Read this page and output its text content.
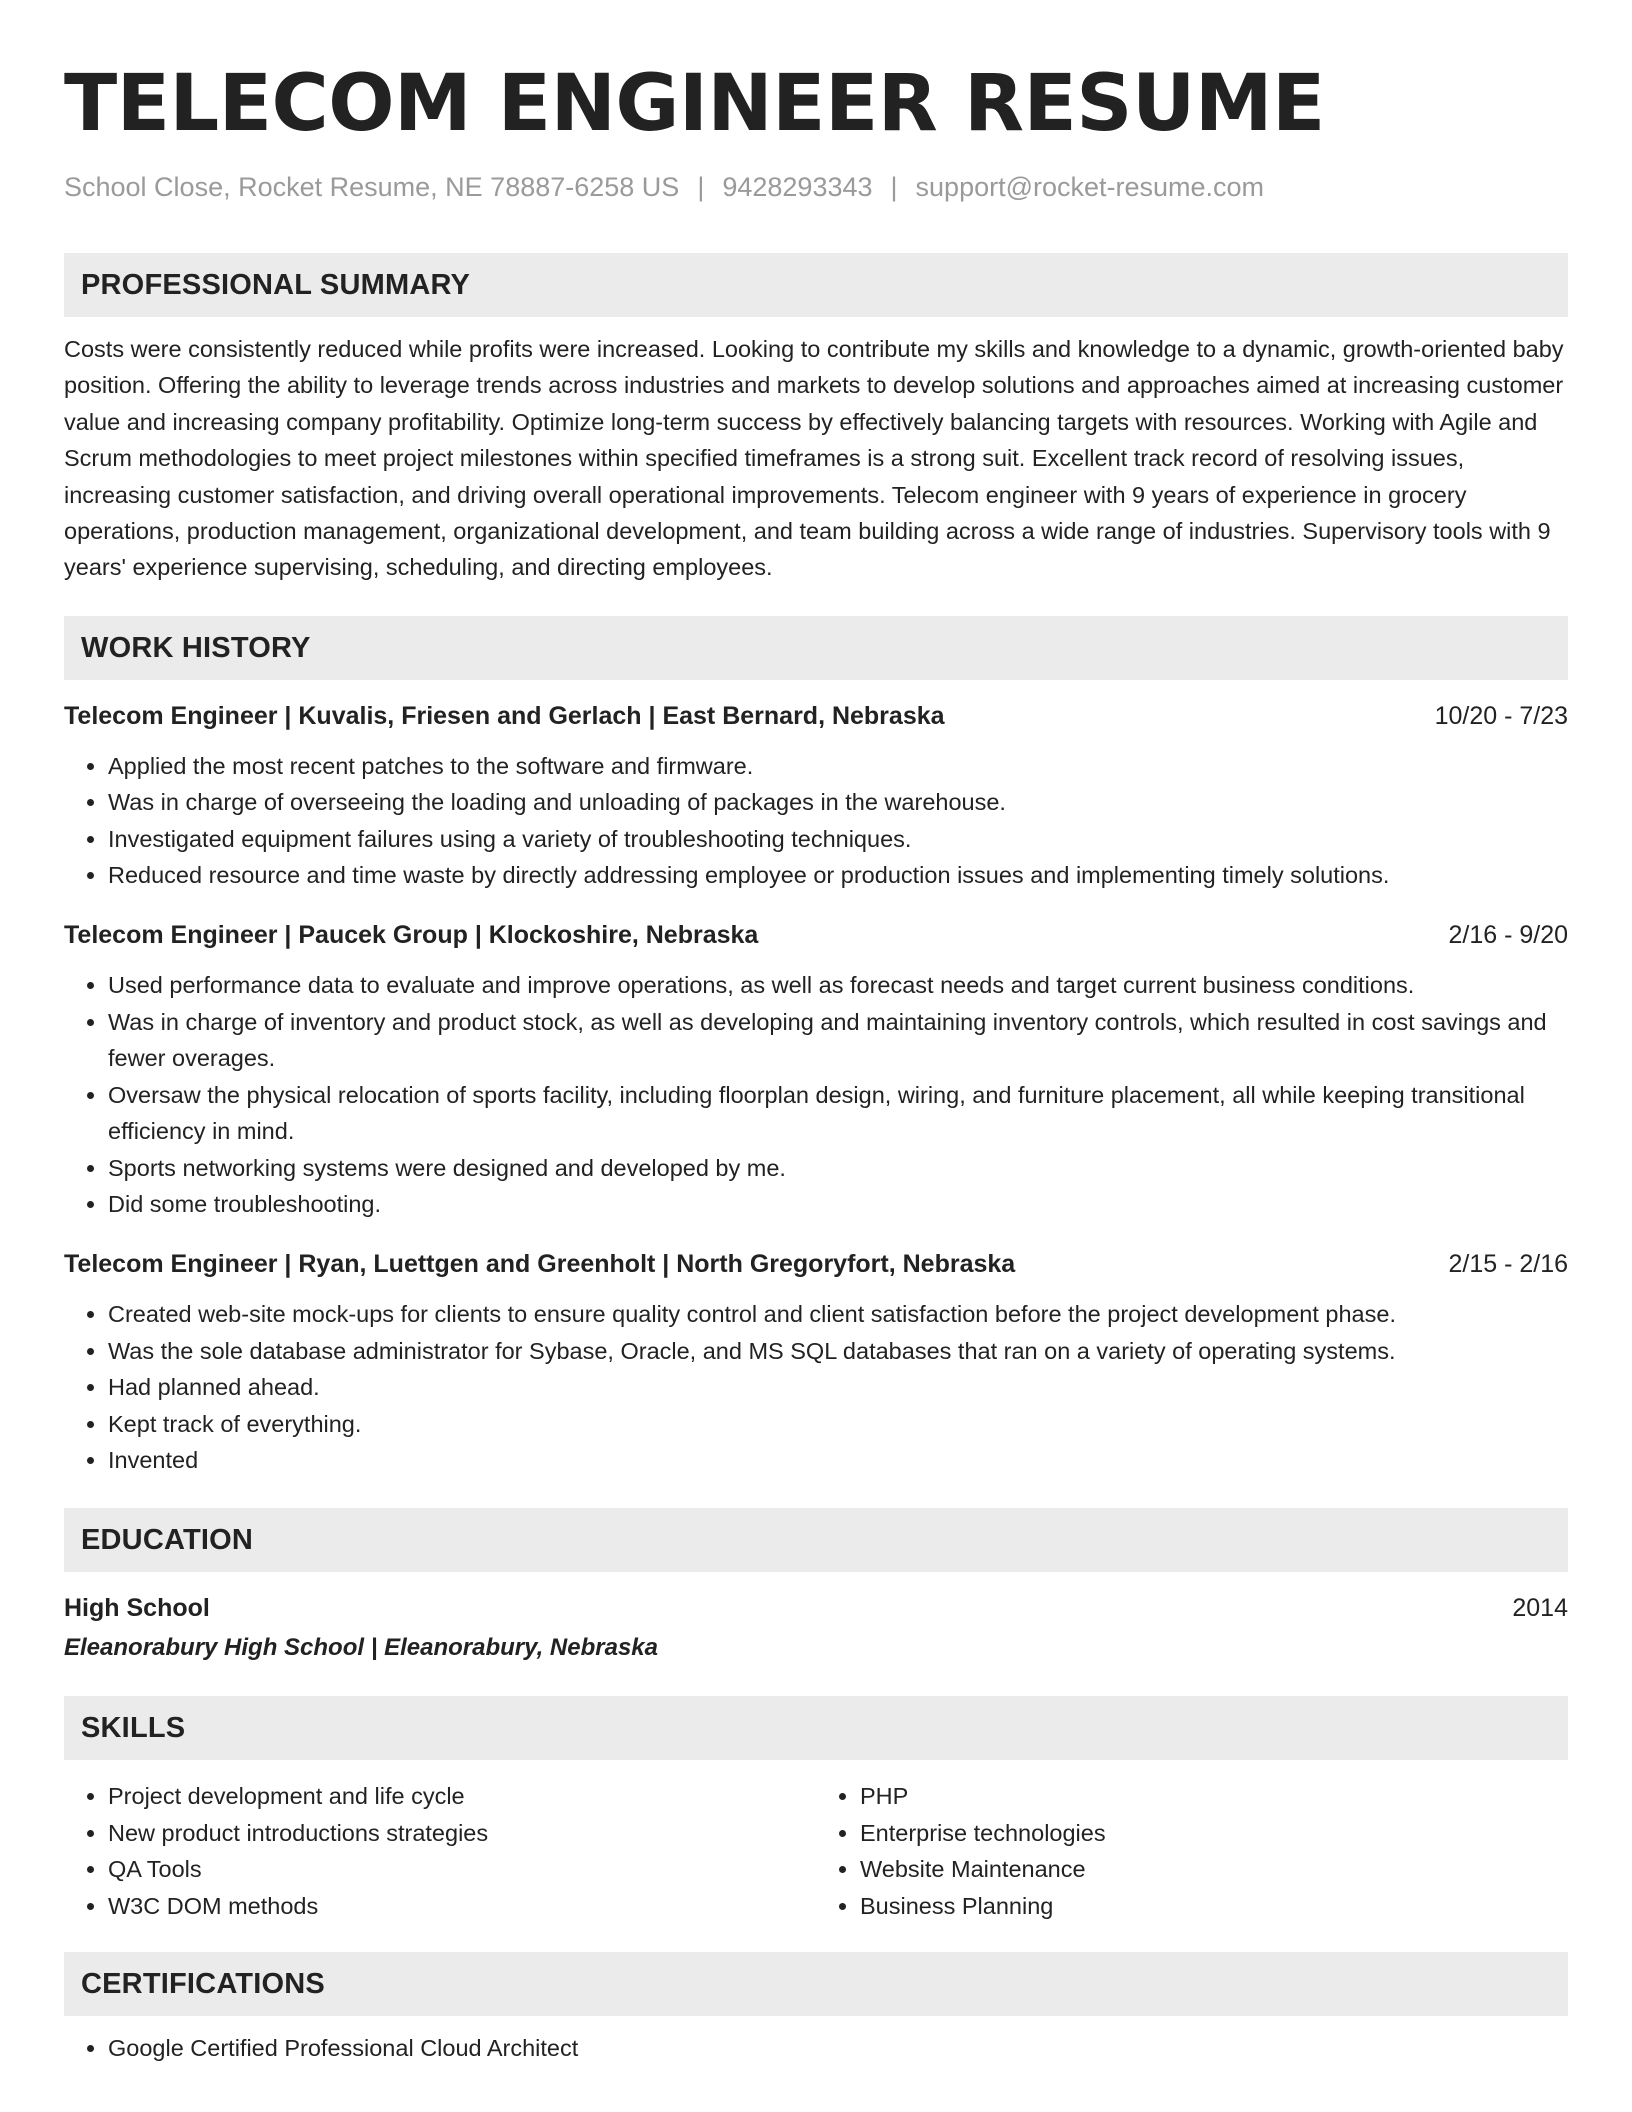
TELECOM ENGINEER RESUME
School Close, Rocket Resume, NE 78887-6258 US | 9428293343 | support@rocket-resume.com
PROFESSIONAL SUMMARY

Costs were consistently reduced while profits were increased. Looking to contribute my skills and knowledge to a dynamic, growth-oriented baby position. Offering the ability to leverage trends across industries and markets to develop solutions and approaches aimed at increasing customer value and increasing company profitability. Optimize long-term success by effectively balancing targets with resources. Working with Agile and Scrum methodologies to meet project milestones within specified timeframes is a strong suit. Excellent track record of resolving issues, increasing customer satisfaction, and driving overall operational improvements. Telecom engineer with 9 years of experience in grocery operations, production management, organizational development, and team building across a wide range of industries. Supervisory tools with 9 years' experience supervising, scheduling, and directing employees.

WORK HISTORY
Telecom Engineer | Kuvalis, Friesen and Gerlach | East Bernard, Nebraska	10/20 - 7/23
• Applied the most recent patches to the software and firmware.
• Was in charge of overseeing the loading and unloading of packages in the warehouse.
• Investigated equipment failures using a variety of troubleshooting techniques.
• Reduced resource and time waste by directly addressing employee or production issues and implementing timely solutions.
Telecom Engineer | Paucek Group | Klockoshire, Nebraska	2/16 - 9/20
• Used performance data to evaluate and improve operations, as well as forecast needs and target current business conditions.
• Was in charge of inventory and product stock, as well as developing and maintaining inventory controls, which resulted in cost savings and fewer overages.
• Oversaw the physical relocation of sports facility, including floorplan design, wiring, and furniture placement, all while keeping transitional efficiency in mind.
• Sports networking systems were designed and developed by me.
• Did some troubleshooting.
Telecom Engineer | Ryan, Luettgen and Greenholt | North Gregoryfort, Nebraska	2/15 - 2/16
• Created web-site mock-ups for clients to ensure quality control and client satisfaction before the project development phase.
• Was the sole database administrator for Sybase, Oracle, and MS SQL databases that ran on a variety of operating systems.
• Had planned ahead.
• Kept track of everything.
• Invented
EDUCATION
High School	2014
Eleanorabury High School | Eleanorabury, Nebraska
SKILLS
• Project development and life cycle
• New product introductions strategies
• QA Tools
• W3C DOM methods
• PHP
• Enterprise technologies
• Website Maintenance
• Business Planning
CERTIFICATIONS
• Google Certified Professional Cloud Architect
